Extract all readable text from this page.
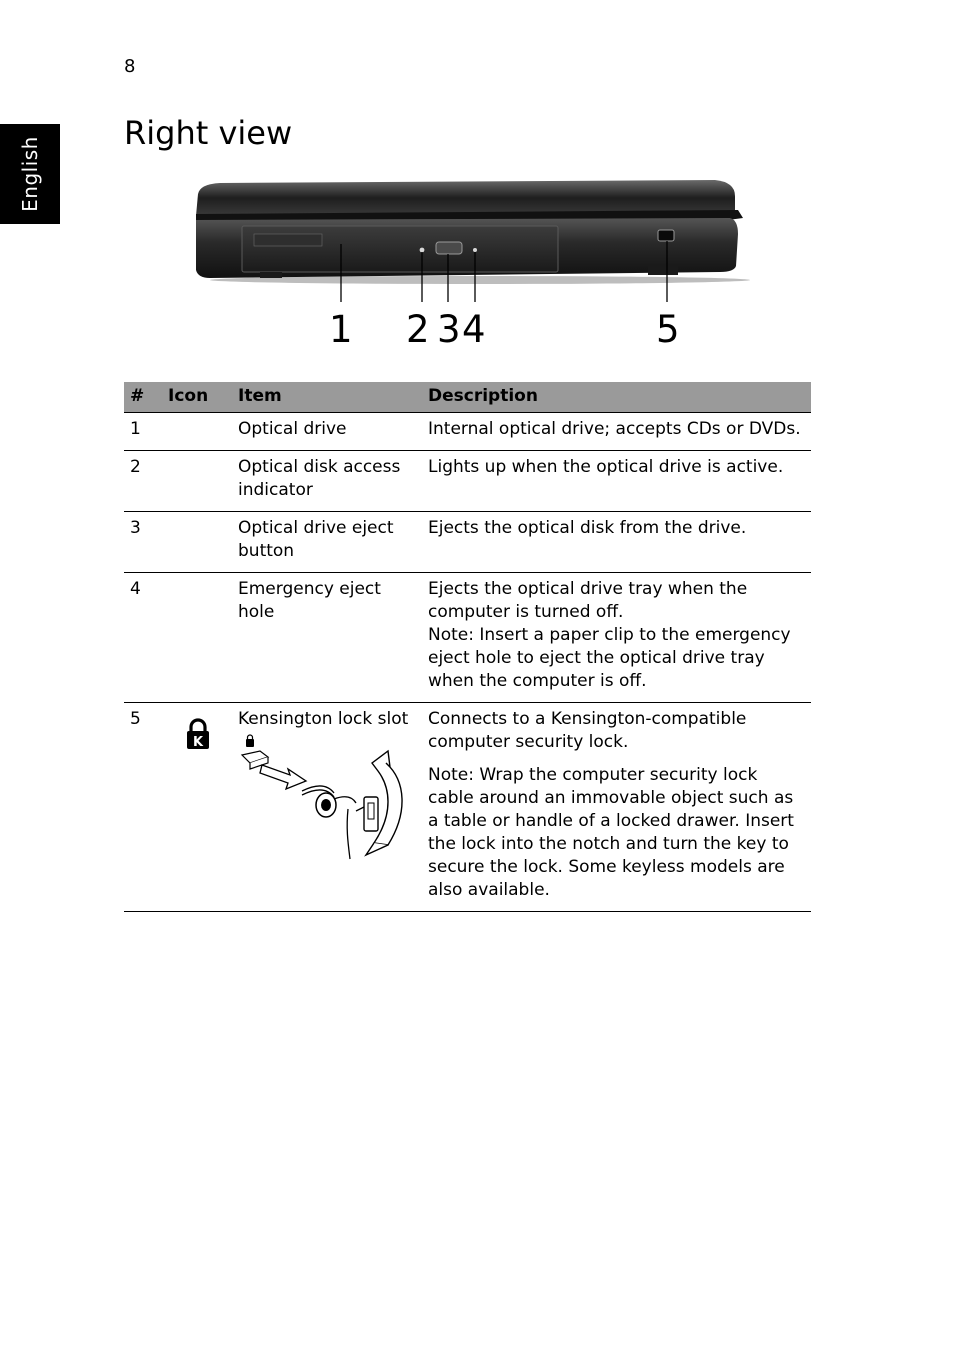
8
English
Right view
1 2 3 4	5
#	Icon	Item	Description
1		Optical drive	Internal optical drive; accepts CDs or DVDs.
2		Optical disk access indicator	Lights up when the optical drive is active.
3		Optical drive eject button	Ejects the optical disk from the drive.
4		Emergency eject hole	Ejects the optical drive tray when the computer is turned off.
Note: Insert a paper clip to the emergency eject hole to eject the optical drive tray when the computer is off.
5	K	Kensington lock slot	Connects to a Kensington-compatible computer security lock.
Note: Wrap the computer security lock cable around an immovable object such as a table or handle of a locked drawer. Insert the lock into the notch and turn the key to secure the lock. Some keyless models are also available.
